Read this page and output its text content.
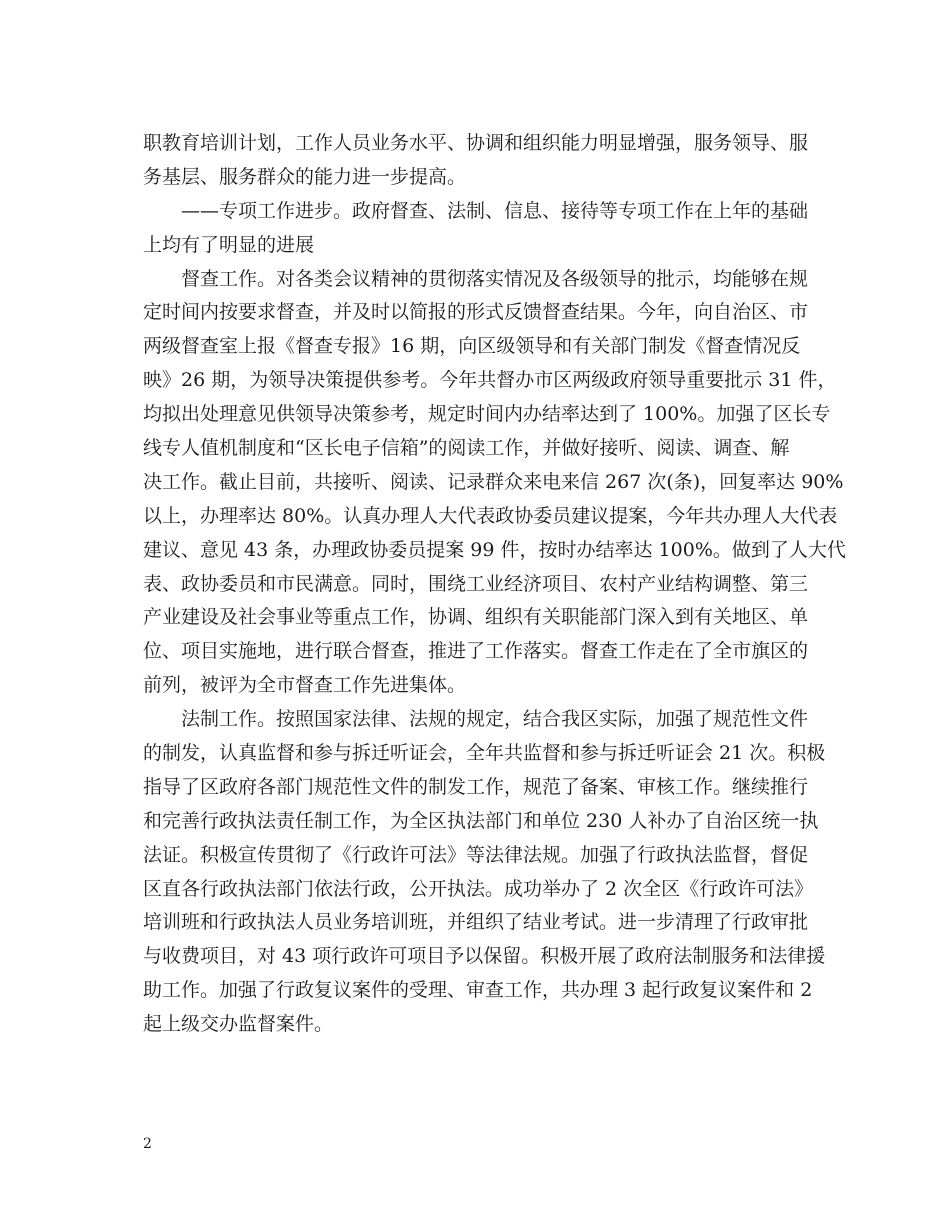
职教育培训计划，工作人员业务水平、协调和组织能力明显增强，服务领导、服
务基层、服务群众的能力进一步提高。
——专项工作进步。政府督查、法制、信息、接待等专项工作在上年的基础
上均有了明显的进展
督查工作。对各类会议精神的贯彻落实情况及各级领导的批示，均能够在规
定时间内按要求督查，并及时以简报的形式反馈督查结果。今年，向自治区、市
两级督查室上报《督查专报》16 期，向区级领导和有关部门制发《督查情况反
映》26 期，为领导决策提供参考。今年共督办市区两级政府领导重要批示 31 件，
均拟出处理意见供领导决策参考，规定时间内办结率达到了 100%。加强了区长专
线专人值机制度和“区长电子信箱”的阅读工作，并做好接听、阅读、调查、解
决工作。截止目前，共接听、阅读、记录群众来电来信 267 次(条)，回复率达 90%
以上，办理率达 80%。认真办理人大代表政协委员建议提案，今年共办理人大代表
建议、意见 43 条，办理政协委员提案 99 件，按时办结率达 100%。做到了人大代
表、政协委员和市民满意。同时，围绕工业经济项目、农村产业结构调整、第三
产业建设及社会事业等重点工作，协调、组织有关职能部门深入到有关地区、单
位、项目实施地，进行联合督查，推进了工作落实。督查工作走在了全市旗区的
前列，被评为全市督查工作先进集体。
法制工作。按照国家法律、法规的规定，结合我区实际，加强了规范性文件
的制发，认真监督和参与拆迁听证会，全年共监督和参与拆迁听证会 21 次。积极
指导了区政府各部门规范性文件的制发工作，规范了备案、审核工作。继续推行
和完善行政执法责任制工作，为全区执法部门和单位 230 人补办了自治区统一执
法证。积极宣传贯彻了《行政许可法》等法律法规。加强了行政执法监督，督促
区直各行政执法部门依法行政，公开执法。成功举办了 2 次全区《行政许可法》
培训班和行政执法人员业务培训班，并组织了结业考试。进一步清理了行政审批
与收费项目，对 43 项行政许可项目予以保留。积极开展了政府法制服务和法律援
助工作。加强了行政复议案件的受理、审查工作，共办理 3 起行政复议案件和 2
起上级交办监督案件。
2
